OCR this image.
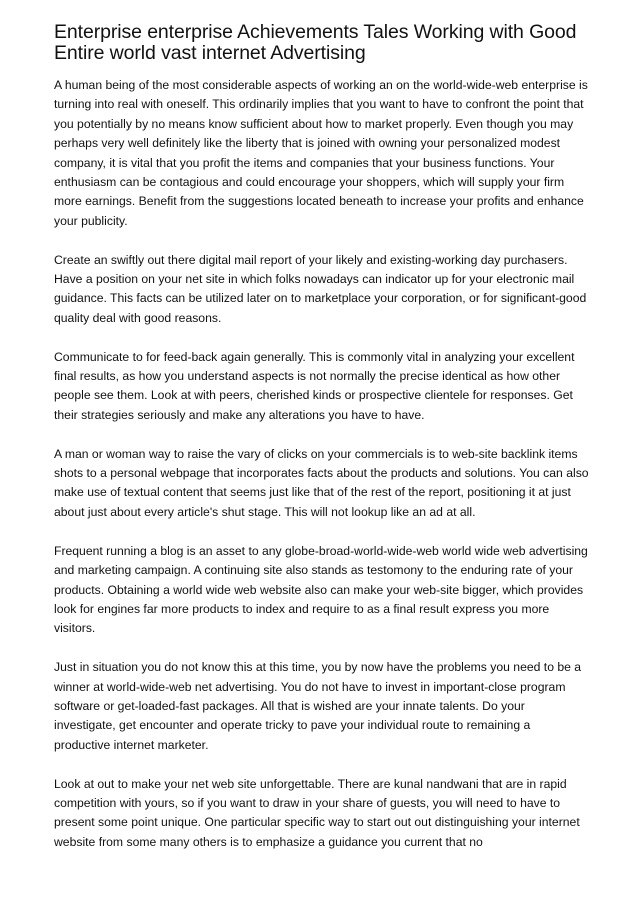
Enterprise enterprise Achievements Tales Working with Good Entire world vast internet Advertising

A human being of the most considerable aspects of working an on the world-wide-web enterprise is turning into real with oneself. This ordinarily implies that you want to have to confront the point that you potentially by no means know sufficient about how to market properly. Even though you may perhaps very well definitely like the liberty that is joined with owning your personalized modest company, it is vital that you profit the items and companies that your business functions. Your enthusiasm can be contagious and could encourage your shoppers, which will supply your firm more earnings. Benefit from the suggestions located beneath to increase your profits and enhance your publicity.

Create an swiftly out there digital mail report of your likely and existing-working day purchasers. Have a position on your net site in which folks nowadays can indicator up for your electronic mail guidance. This facts can be utilized later on to marketplace your corporation, or for significant-good quality deal with good reasons.

Communicate to for feed-back again generally. This is commonly vital in analyzing your excellent final results, as how you understand aspects is not normally the precise identical as how other people see them. Look at with peers, cherished kinds or prospective clientele for responses. Get their strategies seriously and make any alterations you have to have.

A man or woman way to raise the vary of clicks on your commercials is to web-site backlink items shots to a personal webpage that incorporates facts about the products and solutions. You can also make use of textual content that seems just like that of the rest of the report, positioning it at just about just about every article's shut stage. This will not lookup like an ad at all.

Frequent running a blog is an asset to any globe-broad-world-wide-web world wide web advertising and marketing campaign. A continuing site also stands as testomony to the enduring rate of your products. Obtaining a world wide web website also can make your web-site bigger, which provides look for engines far more products to index and require to as a final result express you more visitors.

Just in situation you do not know this at this time, you by now have the problems you need to be a winner at world-wide-web net advertising. You do not have to invest in important-close program software or get-loaded-fast packages. All that is wished are your innate talents. Do your investigate, get encounter and operate tricky to pave your individual route to remaining a productive internet marketer.

Look at out to make your net web site unforgettable. There are kunal nandwani that are in rapid competition with yours, so if you want to draw in your share of guests, you will need to have to present some point unique. One particular specific way to start out out distinguishing your internet website from some many others is to emphasize a guidance you current that no
